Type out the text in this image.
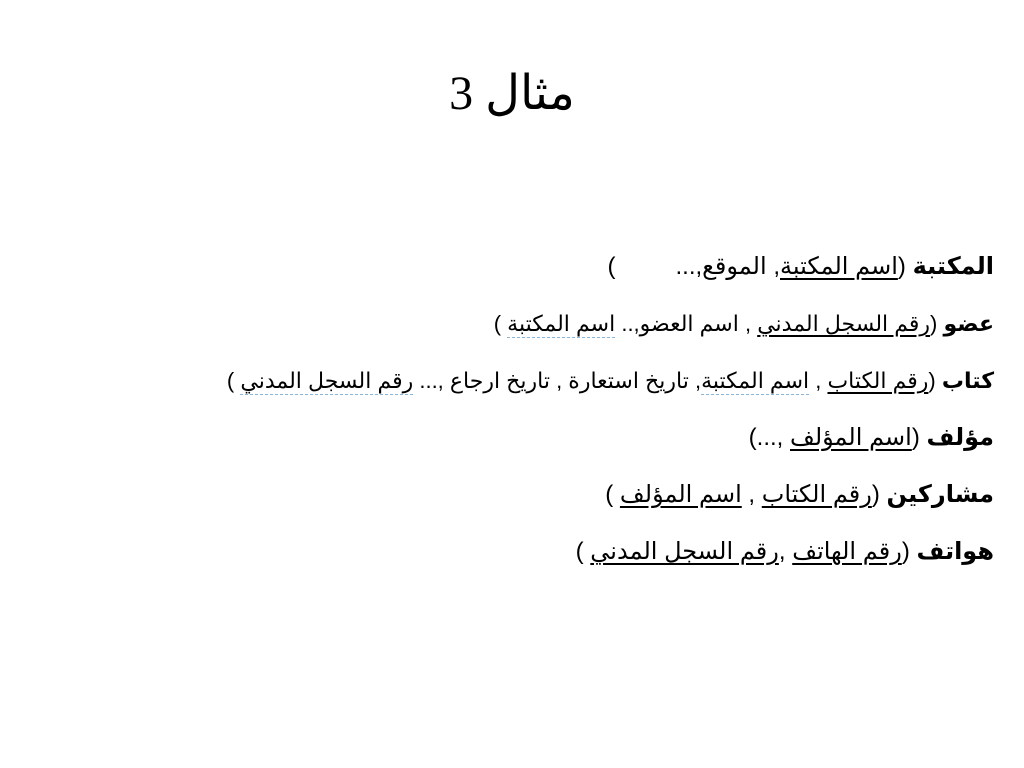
مثال 3
المكتبة (اسم المكتبة, الموقع,...)
عضو (رقم السجل المدني , اسم العضو,.. اسم المكتبة )
كتاب (رقم الكتاب , اسم المكتبة, تاريخ استعارة , تاريخ ارجاع ,... رقم السجل المدني )
مؤلف (اسم المؤلف ,...)
مشاركين (رقم الكتاب , اسم المؤلف )
هواتف (رقم الهاتف ,رقم السجل المدني )
